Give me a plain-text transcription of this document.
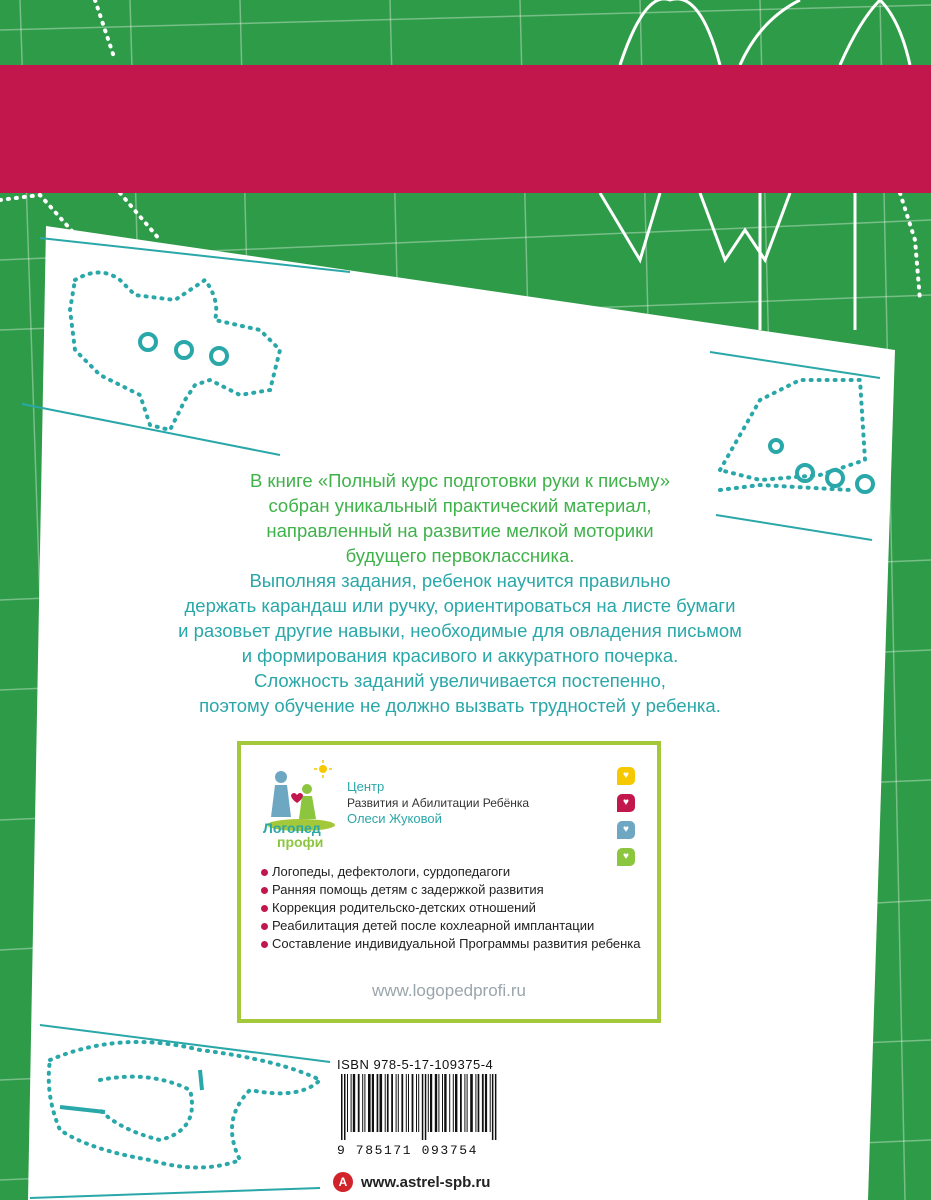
В книге «Полный курс подготовки руки к письму»
собран уникальный практический материал,
направленный на развитие мелкой моторики
будущего первоклассника.
Выполняя задания, ребенок научится правильно
держать карандаш или ручку, ориентироваться на листе бумаги
и разовьет другие навыки, необходимые для овладения письмом
и формирования красивого и аккуратного почерка.
Сложность заданий увеличивается постепенно,
поэтому обучение не должно вызвать трудностей у ребенка.

Логопед
профи
Центр
Развития и Абилитации Ребёнка
Олеси Жуковой
♥
♥
♥
♥
Логопеды, дефектологи, сурдопедагоги
Ранняя помощь детям с задержкой развития
Коррекция родительско-детских отношений
Реабилитация детей после кохлеарной имплантации
Составление индивидуальной Программы развития ребенка
www.logopedprofi.ru
ISBN 978-5-17-109375-4
9 785171 093754
А www.astrel-spb.ru
